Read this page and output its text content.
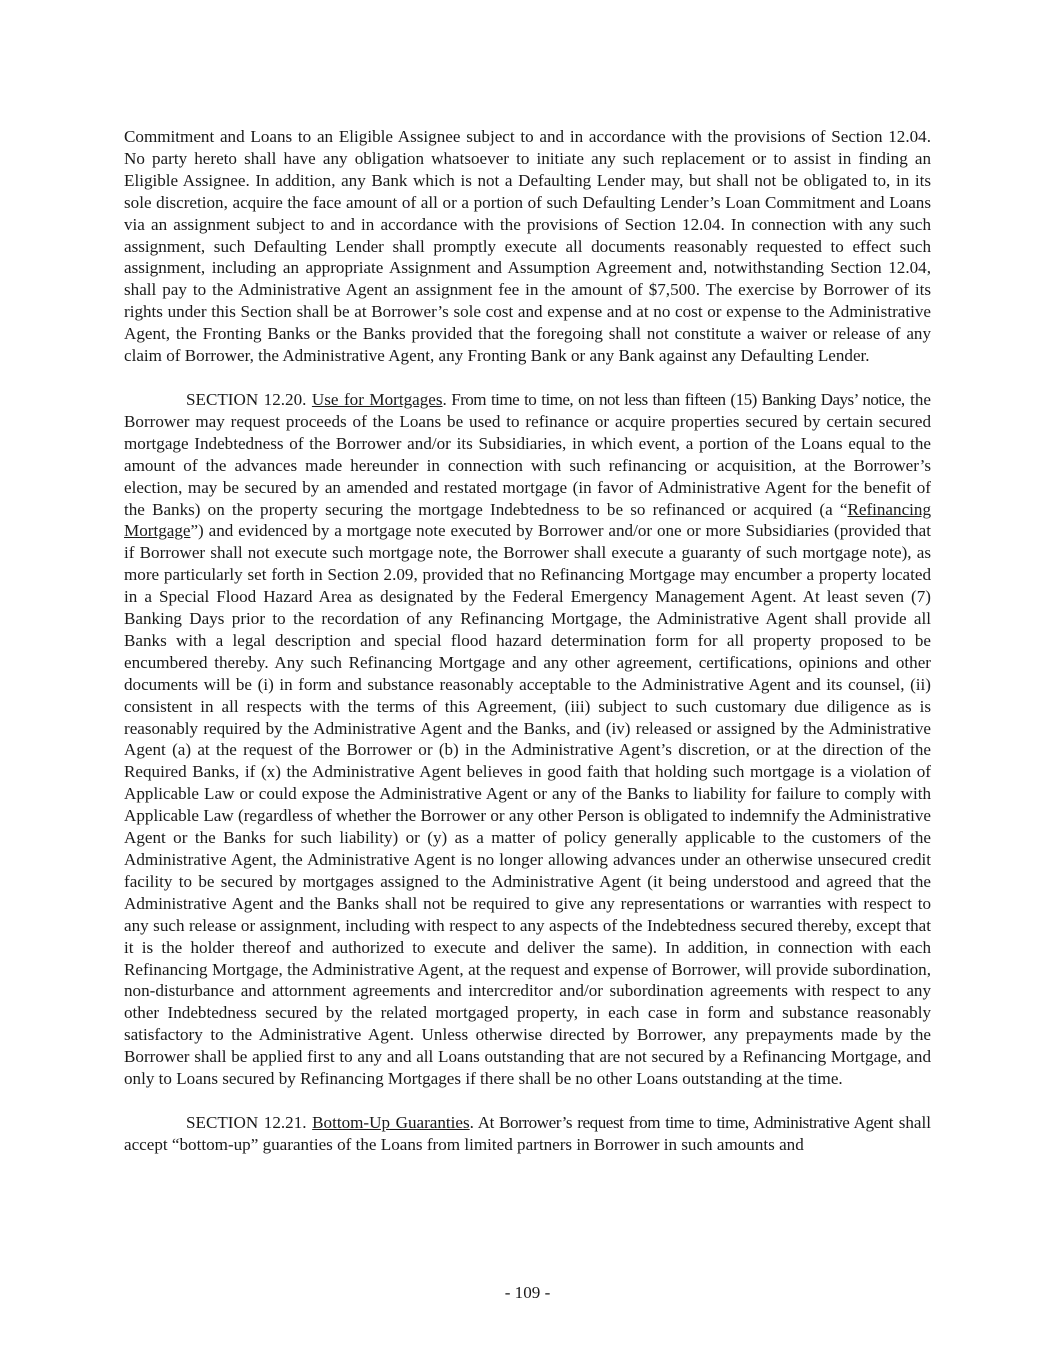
Commitment and Loans to an Eligible Assignee subject to and in accordance with the provisions of Section 12.04. No party hereto shall have any obligation whatsoever to initiate any such replacement or to assist in finding an Eligible Assignee. In addition, any Bank which is not a Defaulting Lender may, but shall not be obligated to, in its sole discretion, acquire the face amount of all or a portion of such Defaulting Lender’s Loan Commitment and Loans via an assignment subject to and in accordance with the provisions of Section 12.04. In connection with any such assignment, such Defaulting Lender shall promptly execute all documents reasonably requested to effect such assignment, including an appropriate Assignment and Assumption Agreement and, notwithstanding Section 12.04, shall pay to the Administrative Agent an assignment fee in the amount of $7,500. The exercise by Borrower of its rights under this Section shall be at Borrower’s sole cost and expense and at no cost or expense to the Administrative Agent, the Fronting Banks or the Banks provided that the foregoing shall not constitute a waiver or release of any claim of Borrower, the Administrative Agent, any Fronting Bank or any Bank against any Defaulting Lender.

SECTION 12.20. Use for Mortgages. From time to time, on not less than fifteen (15) Banking Days’ notice, the Borrower may request proceeds of the Loans be used to refinance or acquire properties secured by certain secured mortgage Indebtedness of the Borrower and/or its Subsidiaries, in which event, a portion of the Loans equal to the amount of the advances made hereunder in connection with such refinancing or acquisition, at the Borrower’s election, may be secured by an amended and restated mortgage (in favor of Administrative Agent for the benefit of the Banks) on the property securing the mortgage Indebtedness to be so refinanced or acquired (a “Refinancing Mortgage”) and evidenced by a mortgage note executed by Borrower and/or one or more Subsidiaries (provided that if Borrower shall not execute such mortgage note, the Borrower shall execute a guaranty of such mortgage note), as more particularly set forth in Section 2.09, provided that no Refinancing Mortgage may encumber a property located in a Special Flood Hazard Area as designated by the Federal Emergency Management Agent. At least seven (7) Banking Days prior to the recordation of any Refinancing Mortgage, the Administrative Agent shall provide all Banks with a legal description and special flood hazard determination form for all property proposed to be encumbered thereby. Any such Refinancing Mortgage and any other agreement, certifications, opinions and other documents will be (i) in form and substance reasonably acceptable to the Administrative Agent and its counsel, (ii) consistent in all respects with the terms of this Agreement, (iii) subject to such customary due diligence as is reasonably required by the Administrative Agent and the Banks, and (iv) released or assigned by the Administrative Agent (a) at the request of the Borrower or (b) in the Administrative Agent’s discretion, or at the direction of the Required Banks, if (x) the Administrative Agent believes in good faith that holding such mortgage is a violation of Applicable Law or could expose the Administrative Agent or any of the Banks to liability for failure to comply with Applicable Law (regardless of whether the Borrower or any other Person is obligated to indemnify the Administrative Agent or the Banks for such liability) or (y) as a matter of policy generally applicable to the customers of the Administrative Agent, the Administrative Agent is no longer allowing advances under an otherwise unsecured credit facility to be secured by mortgages assigned to the Administrative Agent (it being understood and agreed that the Administrative Agent and the Banks shall not be required to give any representations or warranties with respect to any such release or assignment, including with respect to any aspects of the Indebtedness secured thereby, except that it is the holder thereof and authorized to execute and deliver the same). In addition, in connection with each Refinancing Mortgage, the Administrative Agent, at the request and expense of Borrower, will provide subordination, non-disturbance and attornment agreements and intercreditor and/or subordination agreements with respect to any other Indebtedness secured by the related mortgaged property, in each case in form and substance reasonably satisfactory to the Administrative Agent. Unless otherwise directed by Borrower, any prepayments made by the Borrower shall be applied first to any and all Loans outstanding that are not secured by a Refinancing Mortgage, and only to Loans secured by Refinancing Mortgages if there shall be no other Loans outstanding at the time.

SECTION 12.21. Bottom-Up Guaranties. At Borrower’s request from time to time, Administrative Agent shall accept “bottom-up” guaranties of the Loans from limited partners in Borrower in such amounts and

- 109 -
